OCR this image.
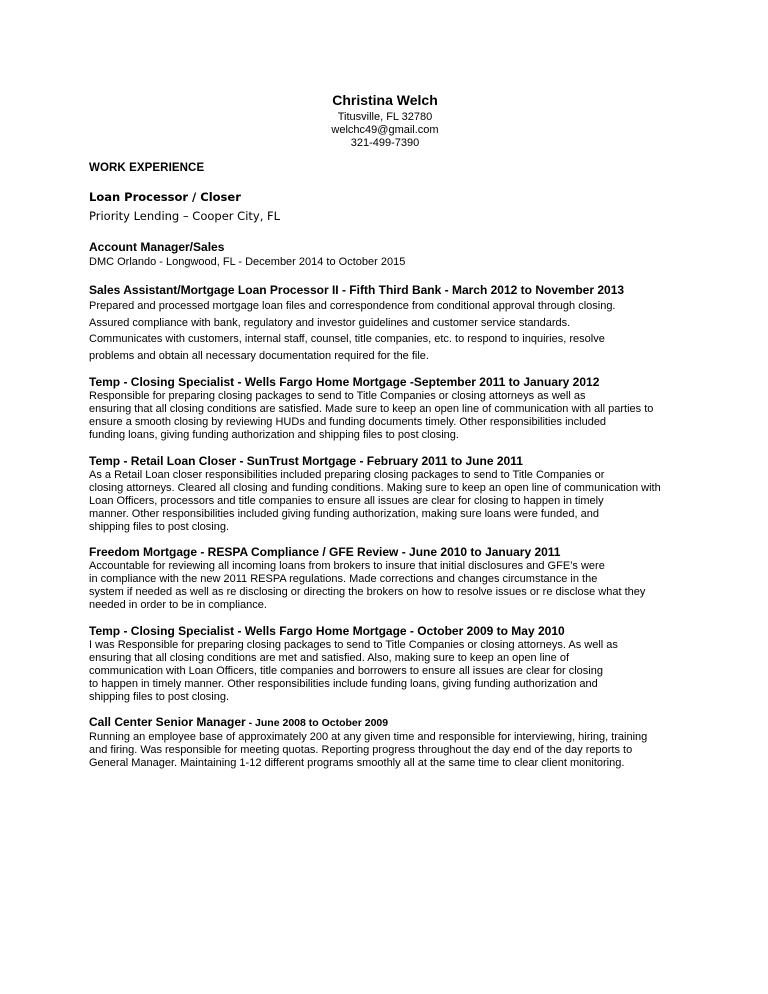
Christina Welch
Titusville, FL 32780
welchc49@gmail.com
321-499-7390
WORK EXPERIENCE
Loan Processor / Closer
Priority Lending – Cooper City, FL
Account Manager/Sales
DMC Orlando - Longwood, FL - December 2014 to October 2015
Sales Assistant/Mortgage Loan Processor II - Fifth Third Bank - March 2012 to November 2013
Prepared and processed mortgage loan files and correspondence from conditional approval through closing.
Assured compliance with bank, regulatory and investor guidelines and customer service standards.
Communicates with customers, internal staff, counsel, title companies, etc. to respond to inquiries, resolve
problems and obtain all necessary documentation required for the file.
Temp - Closing Specialist - Wells Fargo Home Mortgage -September 2011 to January 2012
Responsible for preparing closing packages to send to Title Companies or closing attorneys as well as
ensuring that all closing conditions are satisfied. Made sure to keep an open line of communication with all parties to
ensure a smooth closing by reviewing HUDs and funding documents timely. Other responsibilities included
funding loans, giving funding authorization and shipping files to post closing.
Temp - Retail Loan Closer - SunTrust Mortgage - February 2011 to June 2011
As a Retail Loan closer responsibilities included preparing closing packages to send to Title Companies or
closing attorneys. Cleared all closing and funding conditions. Making sure to keep an open line of communication with
Loan Officers, processors and title companies to ensure all issues are clear for closing to happen in timely
manner. Other responsibilities included giving funding authorization, making sure loans were funded, and
shipping files to post closing.
Freedom Mortgage - RESPA Compliance / GFE Review - June 2010 to January 2011
Accountable for reviewing all incoming loans from brokers to insure that initial disclosures and GFE’s were
in compliance with the new 2011 RESPA regulations. Made corrections and changes circumstance in the
system if needed as well as re disclosing or directing the brokers on how to resolve issues or re disclose what they
needed in order to be in compliance.
Temp - Closing Specialist - Wells Fargo Home Mortgage - October 2009 to May 2010
I was Responsible for preparing closing packages to send to Title Companies or closing attorneys. As well as
ensuring that all closing conditions are met and satisfied. Also, making sure to keep an open line of
communication with Loan Officers, title companies and borrowers to ensure all issues are clear for closing
to happen in timely manner. Other responsibilities include funding loans, giving funding authorization and
shipping files to post closing.
Call Center Senior Manager - June 2008 to October 2009
Running an employee base of approximately 200 at any given time and responsible for interviewing, hiring, training
and firing. Was responsible for meeting quotas. Reporting progress throughout the day end of the day reports to
General Manager. Maintaining 1-12 different programs smoothly all at the same time to clear client monitoring.
